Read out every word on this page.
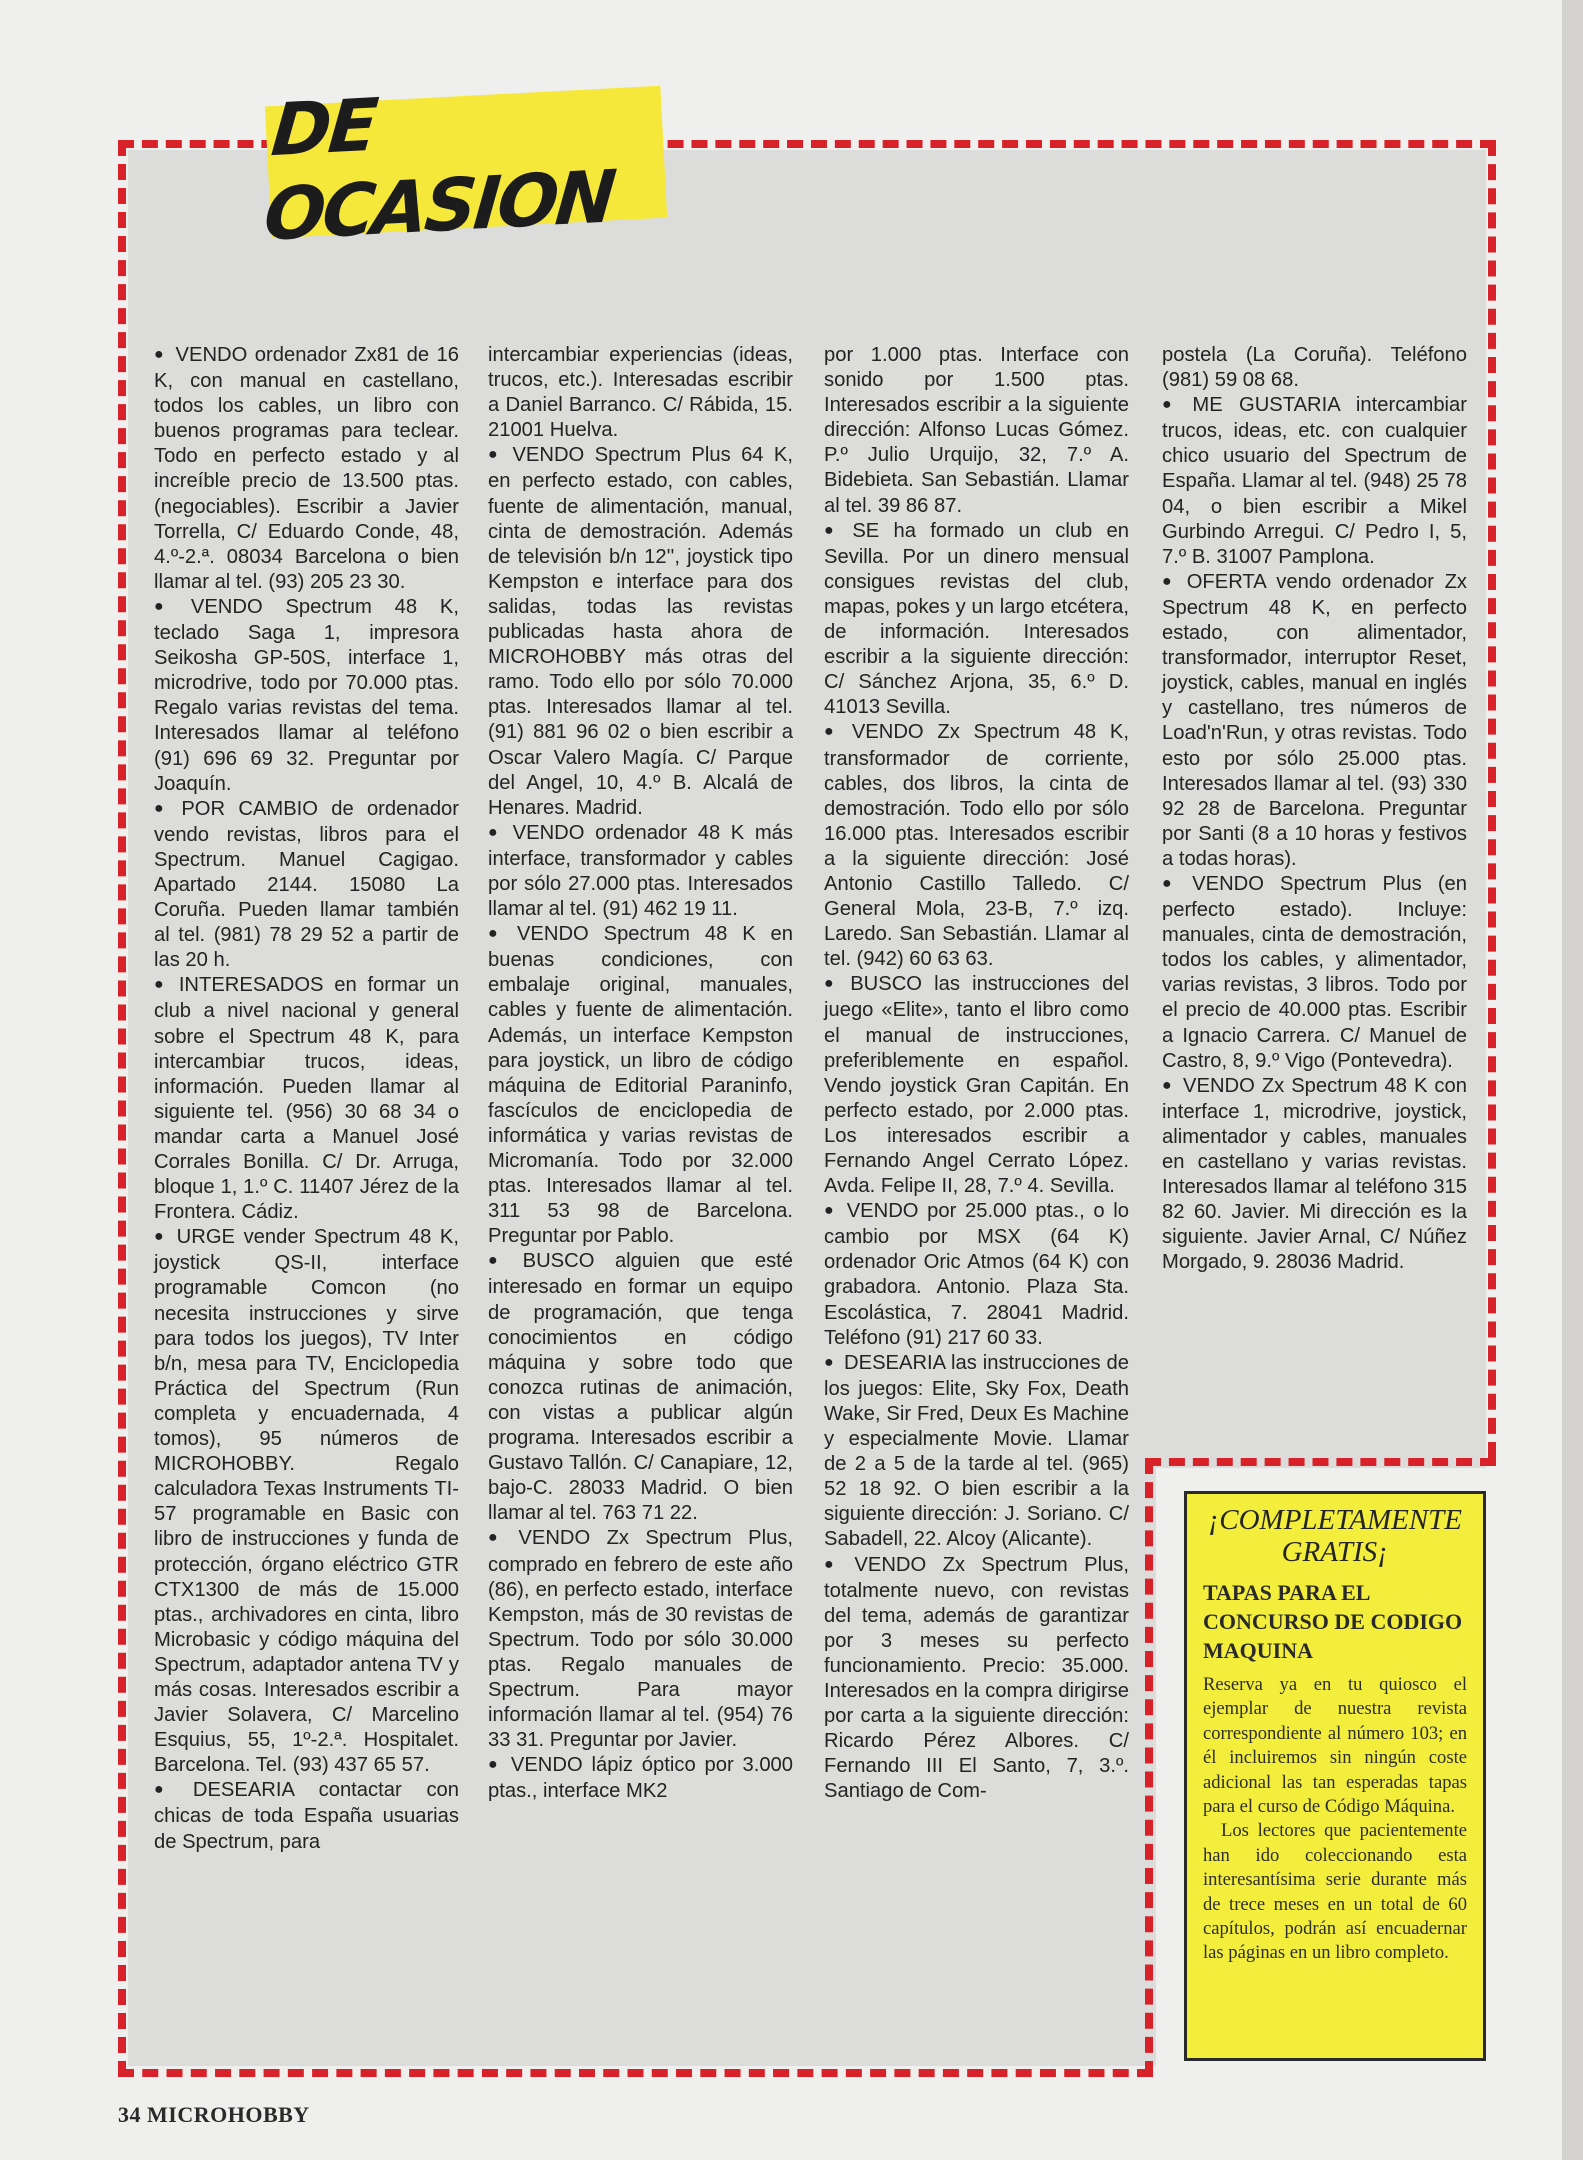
DE OCASION

● VENDO ordenador Zx81 de 16 K, con manual en castellano, todos los cables, un libro con buenos programas para teclear. Todo en perfecto estado y al increíble precio de 13.500 ptas. (negociables). Escribir a Javier Torrella, C/ Eduardo Conde, 48, 4.º-2.ª. 08034 Barcelona o bien llamar al tel. (93) 205 23 30.

● VENDO Spectrum 48 K, teclado Saga 1, impresora Seikosha GP-50S, interface 1, microdrive, todo por 70.000 ptas. Regalo varias revistas del tema. Interesados llamar al teléfono (91) 696 69 32. Preguntar por Joaquín.

● POR CAMBIO de ordenador vendo revistas, libros para el Spectrum. Manuel Cagigao. Apartado 2144. 15080 La Coruña. Pueden llamar también al tel. (981) 78 29 52 a partir de las 20 h.

● INTERESADOS en formar un club a nivel nacional y general sobre el Spectrum 48 K, para intercambiar trucos, ideas, información. Pueden llamar al siguiente tel. (956) 30 68 34 o mandar carta a Manuel José Corrales Bonilla. C/ Dr. Arruga, bloque 1, 1.º C. 11407 Jérez de la Frontera. Cádiz.

● URGE vender Spectrum 48 K, joystick QS-II, interface programable Comcon (no necesita instrucciones y sirve para todos los juegos), TV Inter b/n, mesa para TV, Enciclopedia Práctica del Spectrum (Run completa y encuadernada, 4 tomos), 95 números de MICROHOBBY. Regalo calculadora Texas Instruments TI-57 programable en Basic con libro de instrucciones y funda de protección, órgano eléctrico GTR CTX1300 de más de 15.000 ptas., archivadores en cinta, libro Microbasic y código máquina del Spectrum, adaptador antena TV y más cosas. Interesados escribir a Javier Solavera, C/ Marcelino Esquius, 55, 1º-2.ª. Hospitalet. Barcelona. Tel. (93) 437 65 57.

● DESEARIA contactar con chicas de toda España usuarias de Spectrum, para

intercambiar experiencias (ideas, trucos, etc.). Interesadas escribir a Daniel Barranco. C/ Rábida, 15. 21001 Huelva.

● VENDO Spectrum Plus 64 K, en perfecto estado, con cables, fuente de alimentación, manual, cinta de demostración. Además de televisión b/n 12'', joystick tipo Kempston e interface para dos salidas, todas las revistas publicadas hasta ahora de MICROHOBBY más otras del ramo. Todo ello por sólo 70.000 ptas. Interesados llamar al tel. (91) 881 96 02 o bien escribir a Oscar Valero Magía. C/ Parque del Angel, 10, 4.º B. Alcalá de Henares. Madrid.

● VENDO ordenador 48 K más interface, transformador y cables por sólo 27.000 ptas. Interesados llamar al tel. (91) 462 19 11.

● VENDO Spectrum 48 K en buenas condiciones, con embalaje original, manuales, cables y fuente de alimentación. Además, un interface Kempston para joystick, un libro de código máquina de Editorial Paraninfo, fascículos de enciclopedia de informática y varias revistas de Micromanía. Todo por 32.000 ptas. Interesados llamar al tel. 311 53 98 de Barcelona. Preguntar por Pablo.

● BUSCO alguien que esté interesado en formar un equipo de programación, que tenga conocimientos en código máquina y sobre todo que conozca rutinas de animación, con vistas a publicar algún programa. Interesados escribir a Gustavo Tallón. C/ Canapiare, 12, bajo-C. 28033 Madrid. O bien llamar al tel. 763 71 22.

● VENDO Zx Spectrum Plus, comprado en febrero de este año (86), en perfecto estado, interface Kempston, más de 30 revistas de Spectrum. Todo por sólo 30.000 ptas. Regalo manuales de Spectrum. Para mayor información llamar al tel. (954) 76 33 31. Preguntar por Javier.

● VENDO lápiz óptico por 3.000 ptas., interface MK2

por 1.000 ptas. Interface con sonido por 1.500 ptas. Interesados escribir a la siguiente dirección: Alfonso Lucas Gómez. P.º Julio Urquijo, 32, 7.º A. Bidebieta. San Sebastián. Llamar al tel. 39 86 87.

● SE ha formado un club en Sevilla. Por un dinero mensual consigues revistas del club, mapas, pokes y un largo etcétera, de información. Interesados escribir a la siguiente dirección: C/ Sánchez Arjona, 35, 6.º D. 41013 Sevilla.

● VENDO Zx Spectrum 48 K, transformador de corriente, cables, dos libros, la cinta de demostración. Todo ello por sólo 16.000 ptas. Interesados escribir a la siguiente dirección: José Antonio Castillo Talledo. C/ General Mola, 23-B, 7.º izq. Laredo. San Sebastián. Llamar al tel. (942) 60 63 63.

● BUSCO las instrucciones del juego «Elite», tanto el libro como el manual de instrucciones, preferiblemente en español. Vendo joystick Gran Capitán. En perfecto estado, por 2.000 ptas. Los interesados escribir a Fernando Angel Cerrato López. Avda. Felipe II, 28, 7.º 4. Sevilla.

● VENDO por 25.000 ptas., o lo cambio por MSX (64 K) ordenador Oric Atmos (64 K) con grabadora. Antonio. Plaza Sta. Escolástica, 7. 28041 Madrid. Teléfono (91) 217 60 33.

● DESEARIA las instrucciones de los juegos: Elite, Sky Fox, Death Wake, Sir Fred, Deux Es Machine y especialmente Movie. Llamar de 2 a 5 de la tarde al tel. (965) 52 18 92. O bien escribir a la siguiente dirección: J. Soriano. C/ Sabadell, 22. Alcoy (Alicante).

● VENDO Zx Spectrum Plus, totalmente nuevo, con revistas del tema, además de garantizar por 3 meses su perfecto funcionamiento. Precio: 35.000. Interesados en la compra dirigirse por carta a la siguiente dirección: Ricardo Pérez Albores. C/ Fernando III El Santo, 7, 3.º. Santiago de Com-

postela (La Coruña). Teléfono (981) 59 08 68.

● ME GUSTARIA intercambiar trucos, ideas, etc. con cualquier chico usuario del Spectrum de España. Llamar al tel. (948) 25 78 04, o bien escribir a Mikel Gurbindo Arregui. C/ Pedro I, 5, 7.º B. 31007 Pamplona.

● OFERTA vendo ordenador Zx Spectrum 48 K, en perfecto estado, con alimentador, transformador, interruptor Reset, joystick, cables, manual en inglés y castellano, tres números de Load'n'Run, y otras revistas. Todo esto por sólo 25.000 ptas. Interesados llamar al tel. (93) 330 92 28 de Barcelona. Preguntar por Santi (8 a 10 horas y festivos a todas horas).

● VENDO Spectrum Plus (en perfecto estado). Incluye: manuales, cinta de demostración, todos los cables, y alimentador, varias revistas, 3 libros. Todo por el precio de 40.000 ptas. Escribir a Ignacio Carrera. C/ Manuel de Castro, 8, 9.º Vigo (Pontevedra).

● VENDO Zx Spectrum 48 K con interface 1, microdrive, joystick, alimentador y cables, manuales en castellano y varias revistas. Interesados llamar al teléfono 315 82 60. Javier. Mi dirección es la siguiente. Javier Arnal, C/ Núñez Morgado, 9. 28036 Madrid.

¡COMPLETAMENTE GRATIS¡

TAPAS PARA EL CONCURSO DE CODIGO MAQUINA

Reserva ya en tu quiosco el ejemplar de nuestra revista correspondiente al número 103; en él incluiremos sin ningún coste adicional las tan esperadas tapas para el curso de Código Máquina.

Los lectores que pacientemente han ido coleccionando esta interesantísima serie durante más de trece meses en un total de 60 capítulos, podrán así encuadernar las páginas en un libro completo.

34 MICROHOBBY
